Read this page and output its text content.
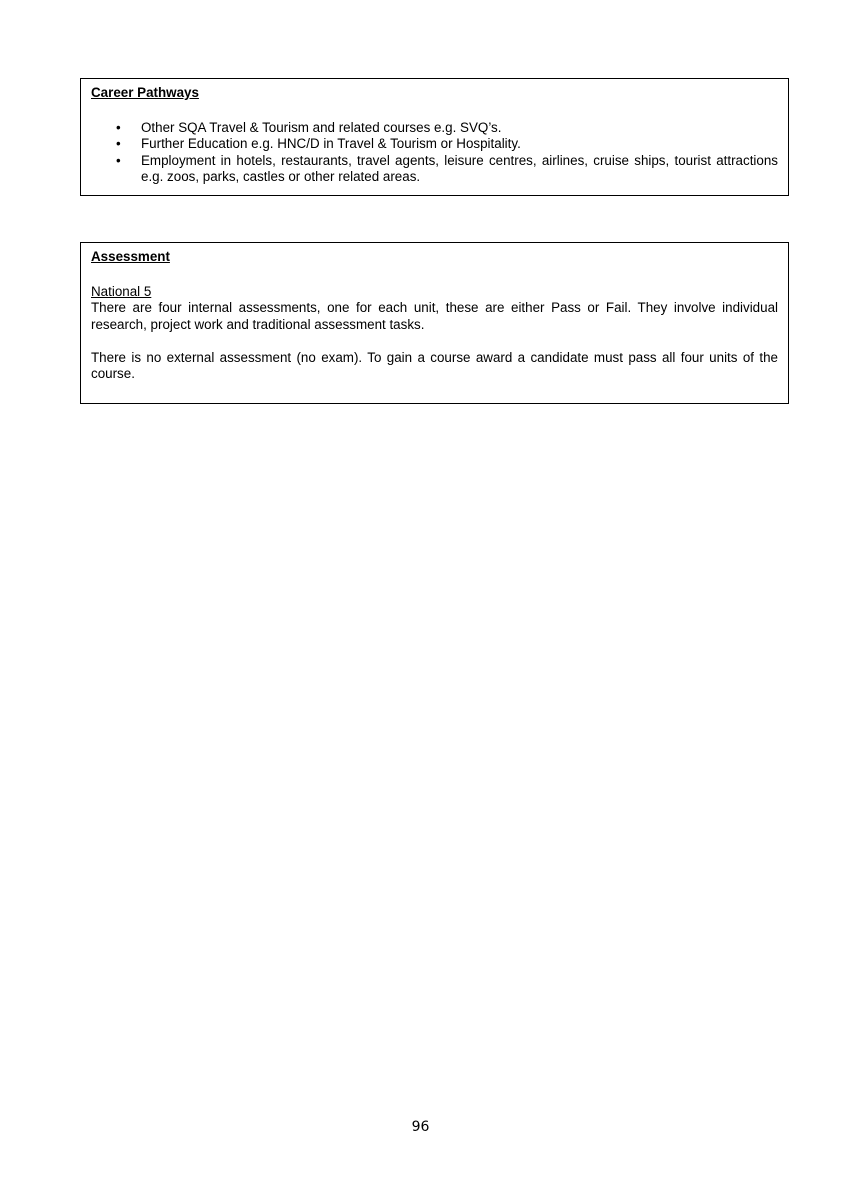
Career Pathways

• Other SQA Travel & Tourism and related courses e.g. SVQ’s.
• Further Education e.g. HNC/D in Travel & Tourism or Hospitality.
• Employment in hotels, restaurants, travel agents, leisure centres, airlines, cruise ships, tourist attractions e.g. zoos, parks, castles or other related areas.

Assessment

National 5

There are four internal assessments, one for each unit, these are either Pass or Fail. They involve individual research, project work and traditional assessment tasks.

There is no external assessment (no exam). To gain a course award a candidate must pass all four units of the course.

96
